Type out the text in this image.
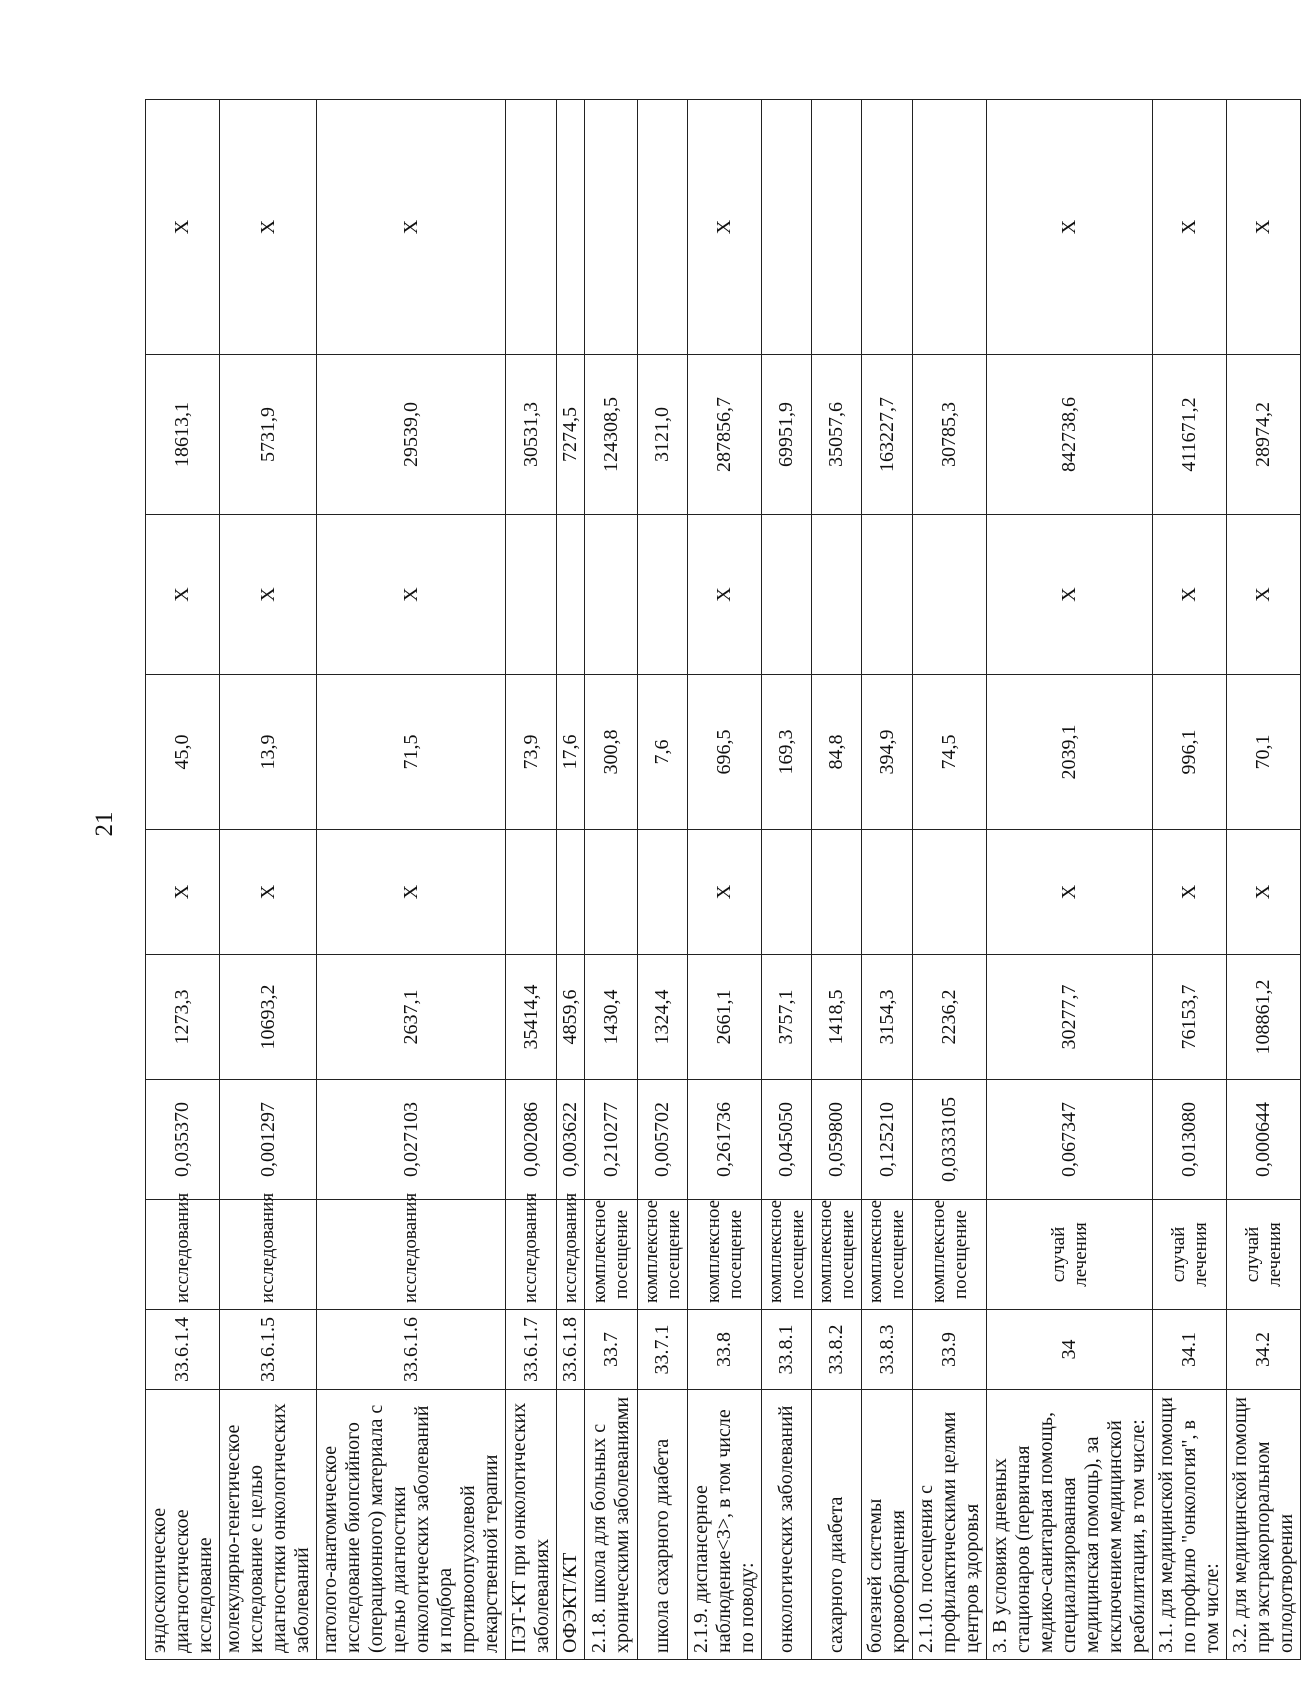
21
эндоскопическое диагностическое исследование	33.6.1.4	исследования	0,035370	1273,3	X	45,0	X	18613,1	X
молекулярно-генетическое исследование с целью диагностики онкологических заболеваний	33.6.1.5	исследования	0,001297	10693,2	X	13,9	X	5731,9	X
патолого-анатомическое исследование биопсийного (операционного) материала с целью диагностики онкологических заболеваний и подбора противоопухолевой лекарственной терапии	33.6.1.6	исследования	0,027103	2637,1	X	71,5	X	29539,0	X
ПЭТ-КТ при онкологических заболеваниях	33.6.1.7	исследования	0,002086	35414,4		73,9		30531,3	
ОФЭКТ/КТ	33.6.1.8	исследования	0,003622	4859,6		17,6		7274,5	
2.1.8. школа для больных с хроническими заболеваниями	33.7	комплексное посещение	0,210277	1430,4		300,8		124308,5	
школа сахарного диабета	33.7.1	комплексное посещение	0,005702	1324,4		7,6		3121,0	
2.1.9. диспансерное наблюдение<3>, в том числе по поводу:	33.8	комплексное посещение	0,261736	2661,1	X	696,5	X	287856,7	X
онкологических заболеваний	33.8.1	комплексное посещение	0,045050	3757,1		169,3		69951,9	
сахарного диабета	33.8.2	комплексное посещение	0,059800	1418,5		84,8		35057,6	
болезней системы кровообращения	33.8.3	комплексное посещение	0,125210	3154,3		394,9		163227,7	
2.1.10. посещения с профилактическими целями центров здоровья	33.9	комплексное посещение	0,0333105	2236,2		74,5		30785,3	
3. В условиях дневных стационаров (первичная медико-санитарная помощь, специализированная медицинская помощь), за исключением медицинской реабилитации, в том числе:	34	случай лечения	0,067347	30277,7	X	2039,1	X	842738,6	X
3.1. для медицинской помощи по профилю "онкология", в том числе:	34.1	случай лечения	0,013080	76153,7	X	996,1	X	411671,2	X
3.2. для медицинской помощи при экстракорпоральном оплодотворении	34.2	случай лечения	0,000644	108861,2	X	70,1	X	28974,2	X
